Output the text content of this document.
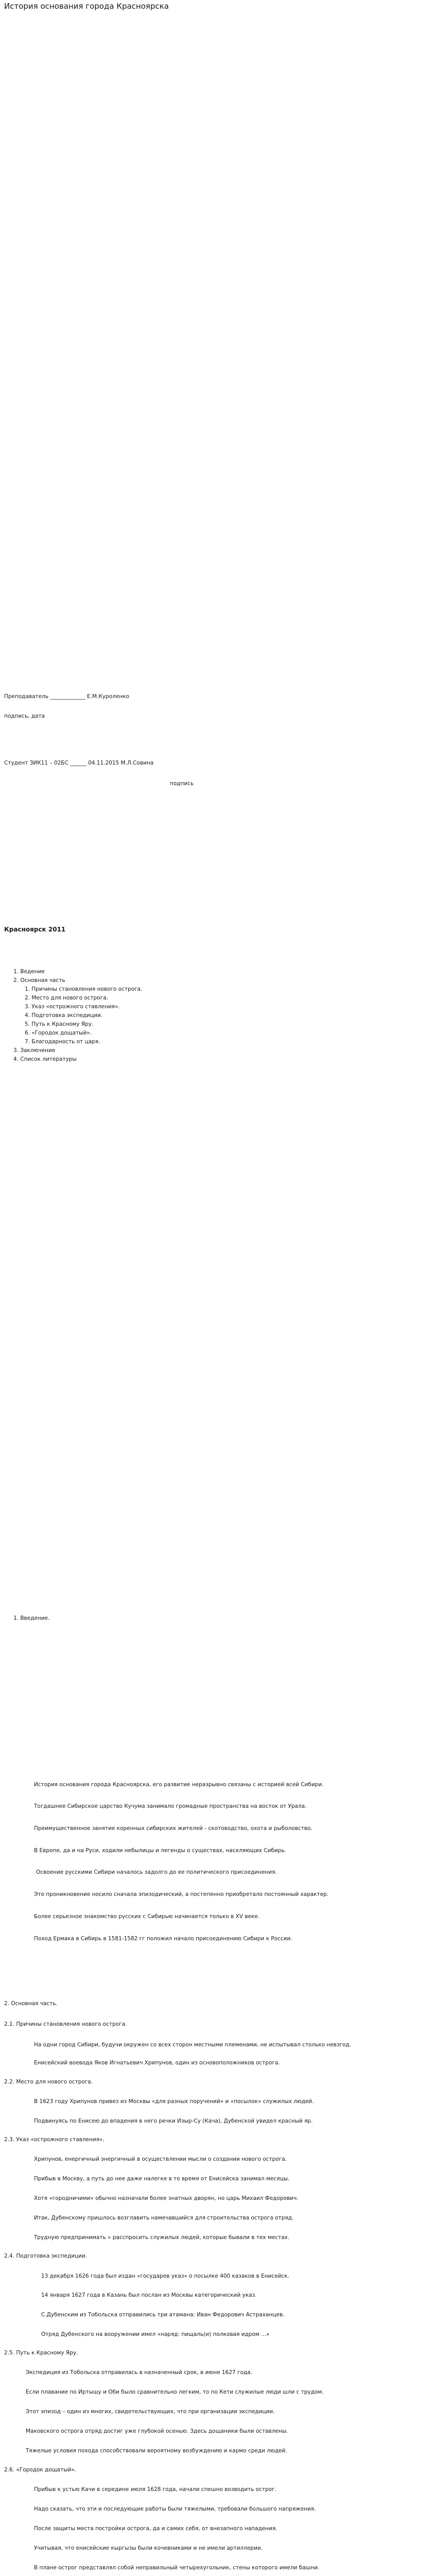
История основания города Красноярска
Преподаватель _____________ Е.М.Куроленко
подпись, дата
Студент ЗИК11 – 02БС ______ 04.11.2015 М.Л.Совина
подпись
Красноярск 2011
1. Ведение
2. Основная часть
1. Причины становления нового острога.
2. Место для нового острога.
3. Указ «острожного ставления».
4. Подготовка экспедиции.
5. Путь к Красному Яру.
6. «Городок дощатый».
7. Благодарность от царя.
3. Заключение
4. Список литературы
1. Введение.
История основания города Красноярска, его развитие неразрывно связаны с историей всей Сибири.
Тогдашнее Сибирское царство Кучума занимало громадные пространства на восток от Урала.
Преимущественное занятие коренных сибирских жителей - скотоводство, охота и рыболовство.
В Европе, да и на Руси, ходили небылицы и легенды о существах, населяющих Сибирь.
Освоение русскими Сибири началось задолго до ее политического присоединения.
Это проникновение носило сначала эпизодический, а постепенно приобретало постоянный характер.
Более серьезное знакомство русских с Сибирью начинается только в XV веке.
Поход Ермака в Сибирь в 1581-1582 гг положил начало присоединению Сибири к России.
2. Основная часть.
2.1. Причины становления нового острога.
На одни город Сибири, будучи окружен со всех сторон местными племенами, не испытывал столько невзгод.
Енисейский воевода Яков Игнатьевич Хрипунов, один из основоположников острога.
2.2. Место для нового острога.
В 1623 году Хрипунов привез из Москвы «для разных поручений» и «посылок» служилых людей.
Подвинуясь по Енисею до впадения в него речки Изыр-Су (Кача), Дубенской увидел красный яр.
2.3. Указ «острожного ставления».
Хрипунов, енергичный энергичный в осуществлении мысли о создании нового острога.
Прибыв в Москву, а путь до нее даже налегке в то время от Енисейска занимал месяцы.
Хотя «городничими» обычно назначали более знатных дворян, но царь Михаил Федорович.
Итак, Дубенскому пришлось возглавить намечавшийся для строительства острога отряд.
Трудную предпринимать » расспросить служилых людей, которые бывали в тех местах.
2.4. Подготовка экспедиции.
13 декабря 1626 года был издан «государев указ» о посылке 400 казаков в Енисейск.
14 января 1627 года в Казань был послан из Москвы категорический указ.
С.Дубенским из Тобольска отправились три атамана: Иван Федорович Астраханцев.
Отряд Дубенского на вооружении имел «наряд: пищаль(и) полковая идром ...»
2.5. Путь к Красному Яру.
Экспедиция из Тобольска отправилась в назначенный срок, в июне 1627 года.
Если плавание по Иртышу и Оби было сравнительно легким, то по Кети служилые люди шли с трудом.
Этот эпизод – один из многих, свидетельствующих, что при организации экспедиции.
Маковского острога отряд достиг уже глубокой осенью. Здесь дощаники были оставлены.
Тяжелые условия похода способствовали вероятному возбуждению и кармо среди людей.
2.6. «Городок дощатый».
Прибыв к устью Качи в середине июля 1628 года, начали спешно возводить острог.
Надо сказать, что эти и последующие работы были тяжелыми, требовали большого напряжения.
После защиты места постройки острога, да и самих себя, от внезапного нападения.
Учитывая, что енисейские кыргызы были кочевниками и не имели артиллерии.
В плане острог представлял собой неправильный четырехугольник, стены которого имели башни.
